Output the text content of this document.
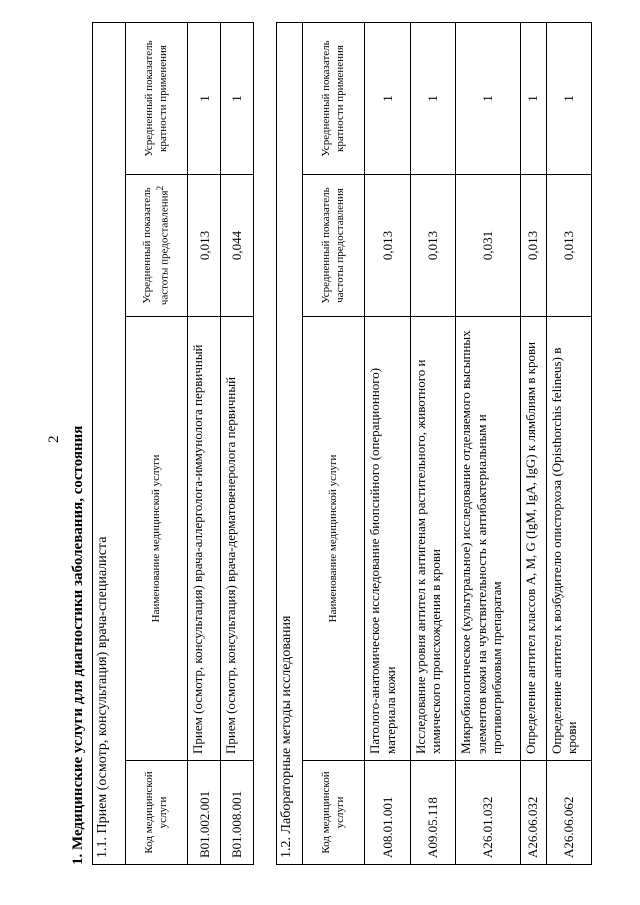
2 1. Медицинские услуги для диагностики заболевания, состояния 1.1. Прием (осмотр, консультация) врача-специалиста			
Код медицинской услуги	Наименование медицинской услуги	Усредненный показатель частоты предоставления$^2$	Усредненный показатель кратности применения
B01.002.001	Прием (осмотр, консультация) врача-аллерголога-иммунолога первичный	0,013	1
B01.008.001	Прием (осмотр, консультация) врача-дерматовенеролога первичный	0,044	1
1.2. Лабораторные методы исследования			
Код медицинской услуги	Наименование медицинской услуги	Усредненный показатель частоты предоставления	Усредненный показатель кратности применения
A08.01.001	Патолого-анатомическое исследование биопсийного (операционного) материала кожи	0,013	1
A09.05.118	Исследование уровня антител к антигенам растительного, животного и химического происхождения в крови	0,013	1
A26.01.032	Микробиологическое (культуральное) исследование отделяемого высыпных элементов кожи на чувствительность к антибактериальным и противогрибковым препаратам	0,031	1
A26.06.032	Определение антител классов A, M, G (IgM, IgA, IgG) к лямблиям в крови	0,013	1
A26.06.062	Определение антител к возбудителю описторхоза (Opisthorchis felineus) в крови	0,013	1
